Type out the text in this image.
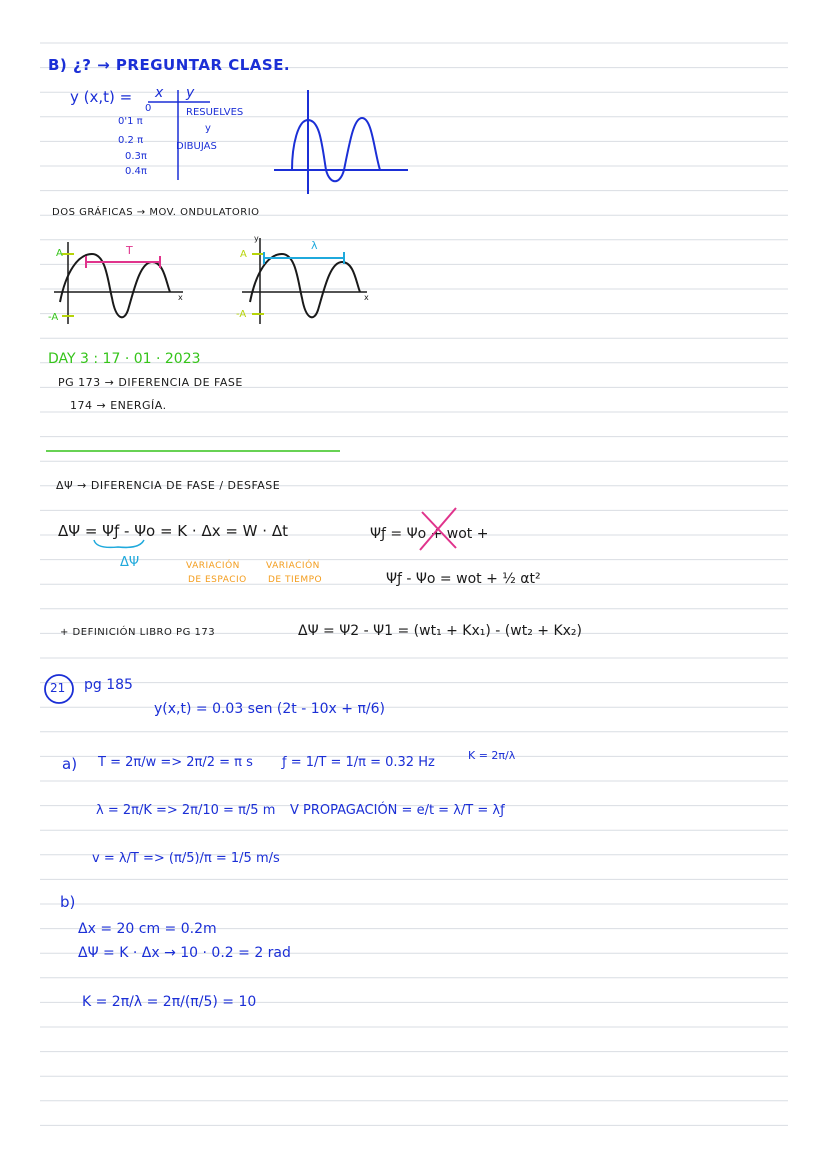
B) ¿? → PREGUNTAR CLASE.
y (x,t) = x y
0
0'1 π
0.2 π
0.3π
0.4π
RESUELVES
y
DIBUJAS
DOS GRÁFICAS → MOV. ONDULATORIO
A
-A
T
x
y
A
-A
λ
x
DAY 3 : 17 · 01 · 2023
PG 173 → DIFERENCIA DE FASE
174 → ENERGÍA.
ΔΨ → DIFERENCIA DE FASE / DESFASE
ΔΨ = Ψƒ - Ψo = K · Δx = W · Δt
ΔΨ	VARIACIÓN
DE ESPACIO
VARIACIÓN
DE TIEMPO
Ψƒ = Ψo + wot +
Ψƒ - Ψo = wot + ½ αt²
+ DEFINICIÓN LIBRO PG 173	ΔΨ = Ψ2 - Ψ1 = (wt₁ + Kx₁) - (wt₂ + Kx₂)
21 pg 185
y(x,t) = 0.03 sen (2t - 10x + π/6)
a) T = 2π/w => 2π/2 = π s ƒ = 1/T = 1/π = 0.32 Hz	K = 2π/λ
λ = 2π/K => 2π/10 = π/5 m V PROPAGACIÓN = e/t = λ/T = λƒ
v = λ/T => (π/5)/π = 1/5 m/s
b)
Δx = 20 cm = 0.2m
ΔΨ = K · Δx → 10 · 0.2 = 2 rad
K = 2π/λ = 2π/(π/5) = 10
